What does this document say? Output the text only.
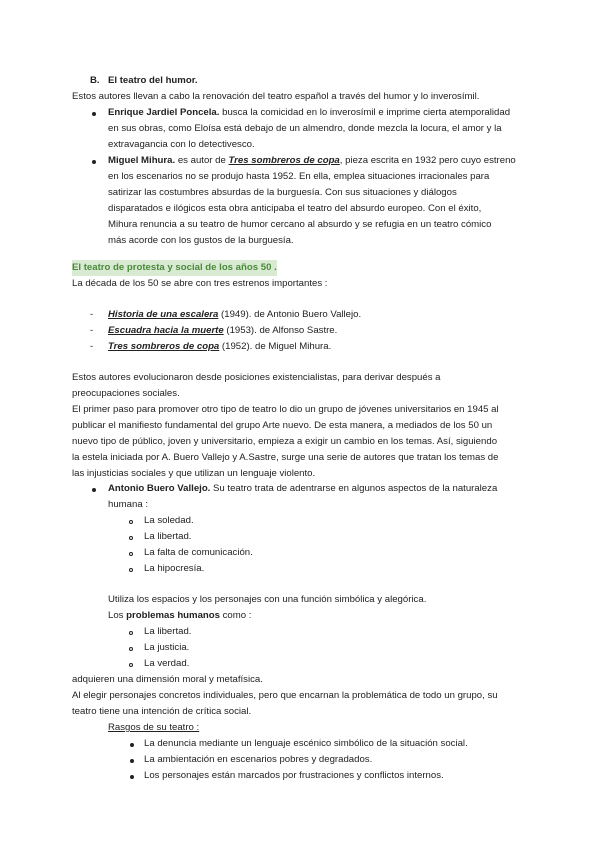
B. El teatro del humor.
Estos autores llevan a cabo la renovación del teatro español a través del humor y lo inverosímil.
Enrique Jardiel Poncela. busca la comicidad en lo inverosímil e imprime cierta atemporalidad
en sus obras, como Eloísa está debajo de un almendro, donde mezcla la locura, el amor y la
extravagancia con lo detectivesco.
Miguel Mihura. es autor de Tres sombreros de copa, pieza escrita en 1932 pero cuyo estreno
en los escenarios no se produjo hasta 1952. En ella, emplea situaciones irracionales para
satirizar las costumbres absurdas de la burguesía. Con sus situaciones y diálogos
disparatados e ilógicos esta obra anticipaba el teatro del absurdo europeo. Con el éxito,
Mihura renuncia a su teatro de humor cercano al absurdo y se refugia en un teatro cómico
más acorde con los gustos de la burguesía.
El teatro de protesta y social de los años 50 .
La década de los 50 se abre con tres estrenos importantes :
- Historia de una escalera (1949). de Antonio Buero Vallejo.
- Escuadra hacia la muerte (1953). de Alfonso Sastre.
- Tres sombreros de copa (1952). de Miguel Mihura.
Estos autores evolucionaron desde posiciones existencialistas, para derivar después a
preocupaciones sociales.
El primer paso para promover otro tipo de teatro lo dio un grupo de jóvenes universitarios en 1945 al
publicar el manifiesto fundamental del grupo Arte nuevo. De esta manera, a mediados de los 50 un
nuevo tipo de público, joven y universitario, empieza a exigir un cambio en los temas. Así, siguiendo
la estela iniciada por A. Buero Vallejo y A.Sastre, surge una serie de autores que tratan los temas de
las injusticias sociales y que utilizan un lenguaje violento.
Antonio Buero Vallejo. Su teatro trata de adentrarse en algunos aspectos de la naturaleza
humana :
La soledad.
La libertad.
La falta de comunicación.
La hipocresía.
Utiliza los espacios y los personajes con una función simbólica y alegórica.
Los problemas humanos como :
La libertad.
La justicia.
La verdad.
adquieren una dimensión moral y metafísica.
Al elegir personajes concretos individuales, pero que encarnan la problemática de todo un grupo, su
teatro tiene una intención de crítica social.
Rasgos de su teatro :
La denuncia mediante un lenguaje escénico simbólico de la situación social.
La ambientación en escenarios pobres y degradados.
Los personajes están marcados por frustraciones y conflictos internos.
